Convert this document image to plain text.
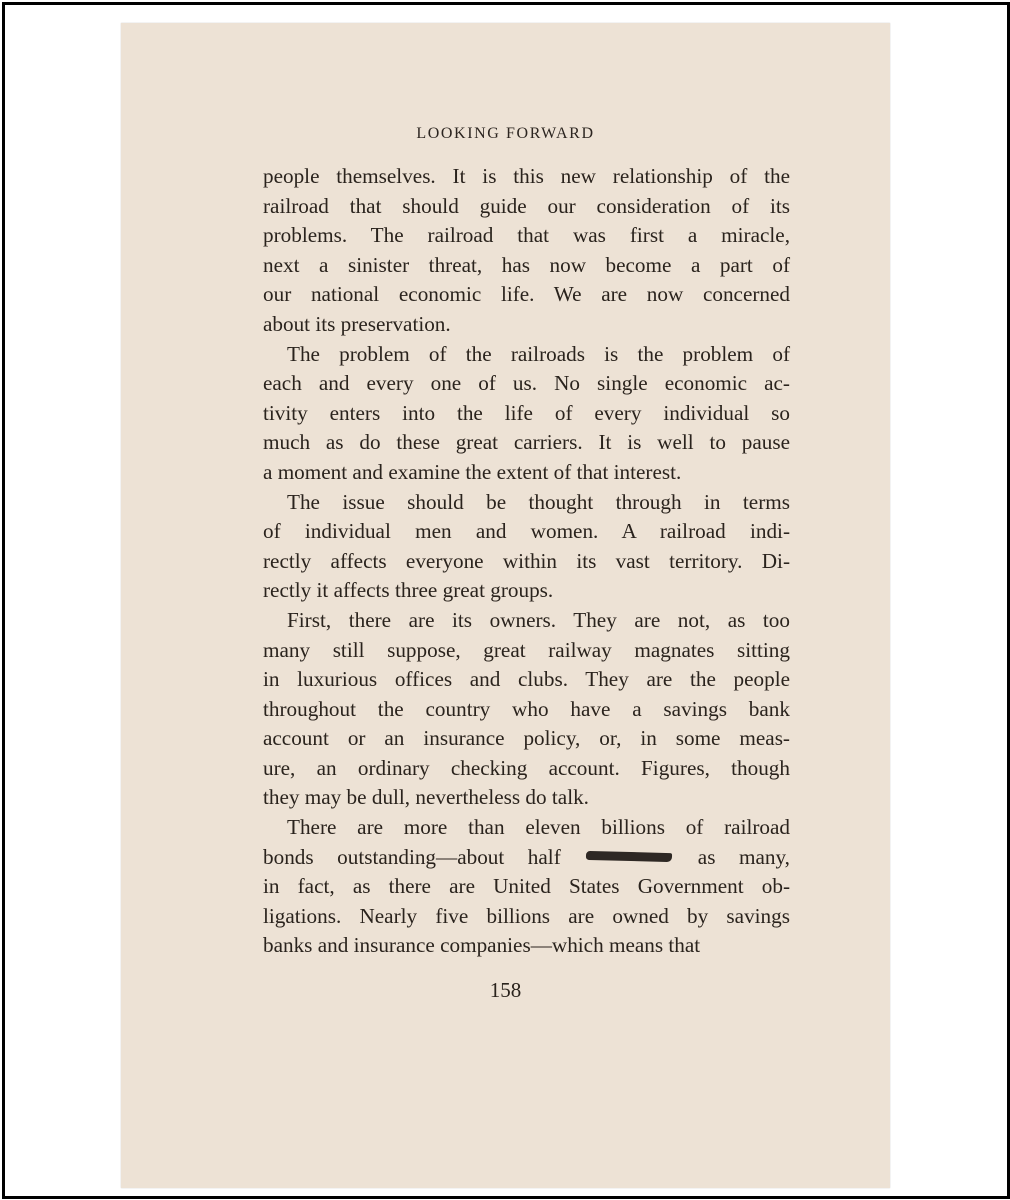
LOOKING FORWARD
people themselves. It is this new relationship of the
railroad that should guide our consideration of its
problems. The railroad that was first a miracle,
next a sinister threat, has now become a part of
our national economic life. We are now concerned
about its preservation.
The problem of the railroads is the problem of
each and every one of us. No single economic ac-
tivity enters into the life of every individual so
much as do these great carriers. It is well to pause
a moment and examine the extent of that interest.
The issue should be thought through in terms
of individual men and women. A railroad indi-
rectly affects everyone within its vast territory. Di-
rectly it affects three great groups.
First, there are its owners. They are not, as too
many still suppose, great railway magnates sitting
in luxurious offices and clubs. They are the people
throughout the country who have a savings bank
account or an insurance policy, or, in some meas-
ure, an ordinary checking account. Figures, though
they may be dull, nevertheless do talk.
There are more than eleven billions of railroad
bonds outstanding—about half	as many,
in fact, as there are United States Government ob-
ligations. Nearly five billions are owned by savings
banks and insurance companies—which means that
158
